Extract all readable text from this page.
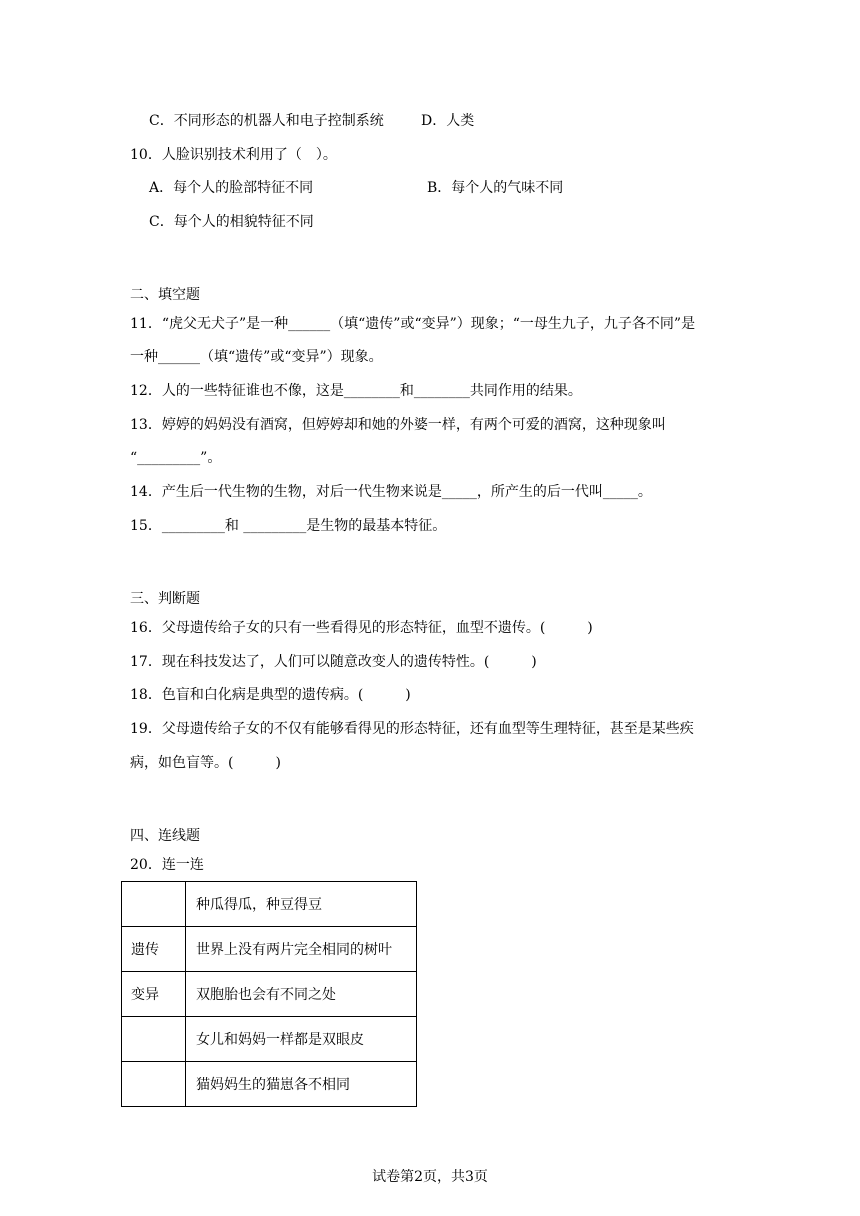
C．不同形态的机器人和电子控制系统	D．人类
10．人脸识别技术利用了（　）。
A．每个人的脸部特征不同	B．每个人的气味不同
C．每个人的相貌特征不同
二、填空题
11．“虎父无犬子”是一种______（填“遗传”或“变异”）现象；“一母生九子，九子各不同”是
一种______（填“遗传”或“变异”）现象。
12．人的一些特征谁也不像，这是________和________共同作用的结果。
13．婷婷的妈妈没有酒窝，但婷婷却和她的外婆一样，有两个可爱的酒窝，这种现象叫
“_________”。
14．产生后一代生物的生物，对后一代生物来说是_____，所产生的后一代叫_____。
15．_________和 _________是生物的最基本特征。
三、判断题
16．父母遗传给子女的只有一些看得见的形态特征，血型不遗传。(　　　)
17．现在科技发达了，人们可以随意改变人的遗传特性。(　　　)
18．色盲和白化病是典型的遗传病。(　　　)
19．父母遗传给子女的不仅有能够看得见的形态特征，还有血型等生理特征，甚至是某些疾
病，如色盲等。(　　　)
四、连线题
20．连一连
	种瓜得瓜，种豆得豆
遗传	世界上没有两片完全相同的树叶
变异	双胞胎也会有不同之处
	女儿和妈妈一样都是双眼皮
	猫妈妈生的猫崽各不相同
试卷第2页，共3页
